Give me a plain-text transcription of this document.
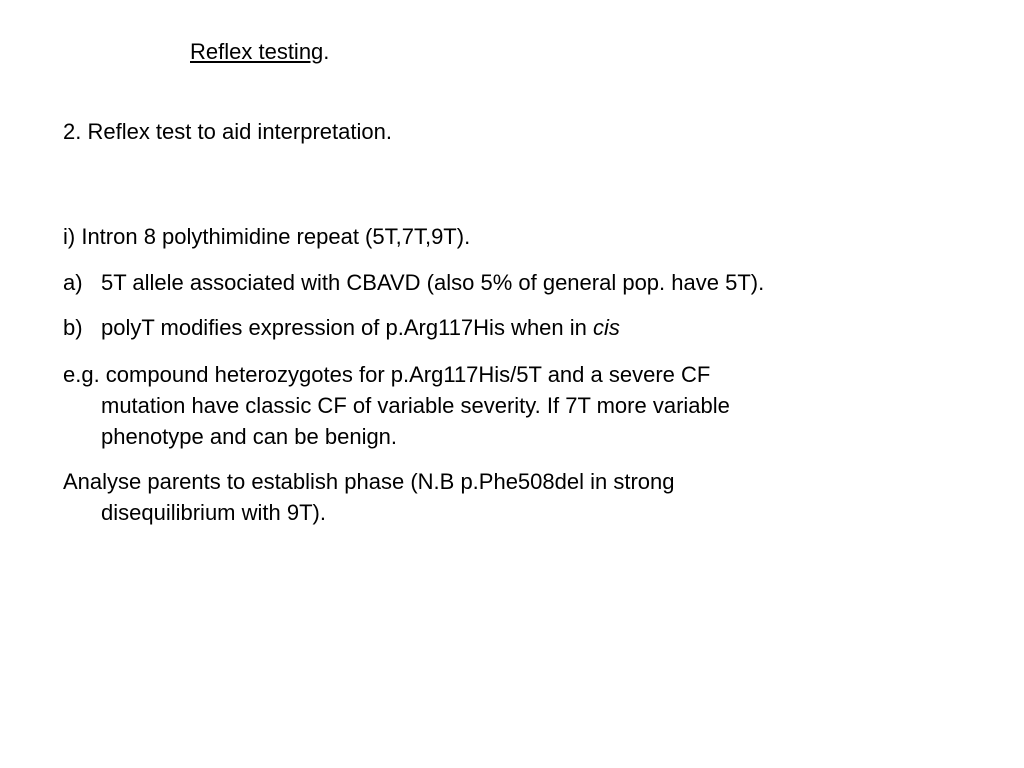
Reflex testing.
2. Reflex test to aid interpretation.
i) Intron 8 polythimidine repeat (5T,7T,9T).
a) 5T allele associated with CBAVD (also 5% of general pop. have 5T).
b) polyT modifies expression of p.Arg117His when in cis
e.g. compound heterozygotes for p.Arg117His/5T and a severe CF
mutation have classic CF of variable severity. If 7T more variable
phenotype and can be benign.
Analyse parents to establish phase (N.B p.Phe508del in strong
disequilibrium with 9T).
